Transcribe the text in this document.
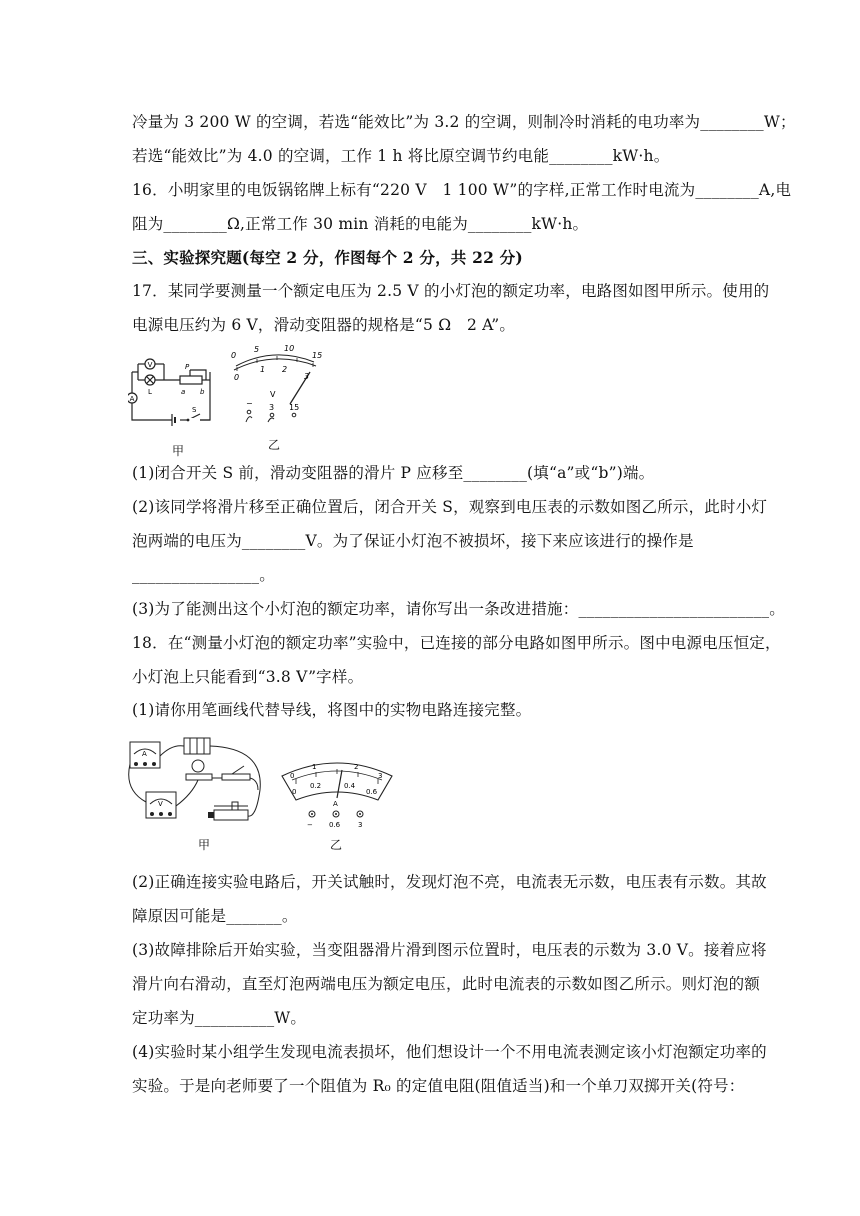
冷量为 3 200 W 的空调，若选“能效比”为 3.2 的空调，则制冷时消耗的电功率为________W；
若选“能效比”为 4.0 的空调，工作 1 h 将比原空调节约电能________kW·h。
16．小明家里的电饭锅铭牌上标有“220 V　1 100 W”的字样,正常工作时电流为________A,电
阻为________Ω,正常工作 30 min 消耗的电能为________kW·h。
三、实验探究题(每空 2 分，作图每个 2 分，共 22 分)
17．某同学要测量一个额定电压为 2.5 V 的小灯泡的额定功率，电路图如图甲所示。使用的
电源电压约为 6 V，滑动变阻器的规格是“5 Ω　2 A”。
V
A
L
P
a b
S
甲
0
5	10
15
0
1 2
3
V
− 3 15
乙
(1)闭合开关 S 前，滑动变阻器的滑片 P 应移至________(填“a”或“b”)端。
(2)该同学将滑片移至正确位置后，闭合开关 S，观察到电压表的示数如图乙所示，此时小灯
泡两端的电压为________V。为了保证小灯泡不被损坏，接下来应该进行的操作是
________________。
(3)为了能测出这个小灯泡的额定功率，请你写出一条改进措施：________________________。
18．在“测量小灯泡的额定功率”实验中，已连接的部分电路如图甲所示。图中电源电压恒定，
小灯泡上只能看到“3.8 V”字样。
(1)请你用笔画线代替导线，将图中的实物电路连接完整。
A
V
甲
0
1	2
3
0
0.2	0.4
0.6
A
− 0.6	3
乙
(2)正确连接实验电路后，开关试触时，发现灯泡不亮，电流表无示数，电压表有示数。其故
障原因可能是_______。
(3)故障排除后开始实验，当变阻器滑片滑到图示位置时，电压表的示数为 3.0 V。接着应将
滑片向右滑动，直至灯泡两端电压为额定电压，此时电流表的示数如图乙所示。则灯泡的额
定功率为__________W。
(4)实验时某小组学生发现电流表损坏，他们想设计一个不用电流表测定该小灯泡额定功率的
实验。于是向老师要了一个阻值为 R₀ 的定值电阻(阻值适当)和一个单刀双掷开关(符号：
